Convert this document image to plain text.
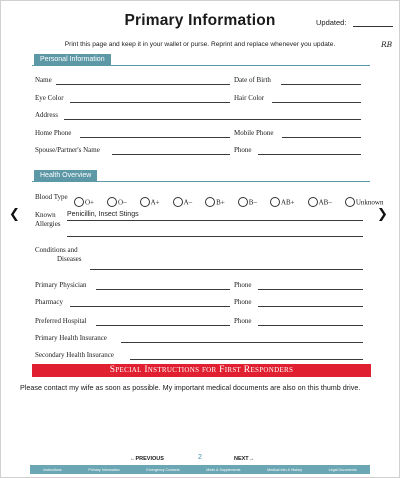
Primary Information	Updated:
Print this page and keep it in your wallet or purse. Reprint and replace whenever you update.	RB
Personal Information
Name	Date of Birth
Eye Color	Hair Color
Address
Home Phone	Mobile Phone
Spouse/Partner's Name	Phone
Health Overview
Blood Type
O+	O–	A+	A–	B+	B–	AB+	AB–	Unknown
Known
Allergies
Penicillin, Insect Stings
Conditions and
Diseases
Primary Physician	Phone
Pharmacy	Phone
Preferred Hospital	Phone
Primary Health Insurance
Secondary Health Insurance
Special Instructions for First Responders
Please contact my wife as soon as possible. My important medical documents are also on this thumb drive.
❮	❯
←PREVIOUS	2	NEXT→
Instructions	Primary Information	Emergency Contacts	Meds & Supplements	Medical Info & History	Legal Documents
